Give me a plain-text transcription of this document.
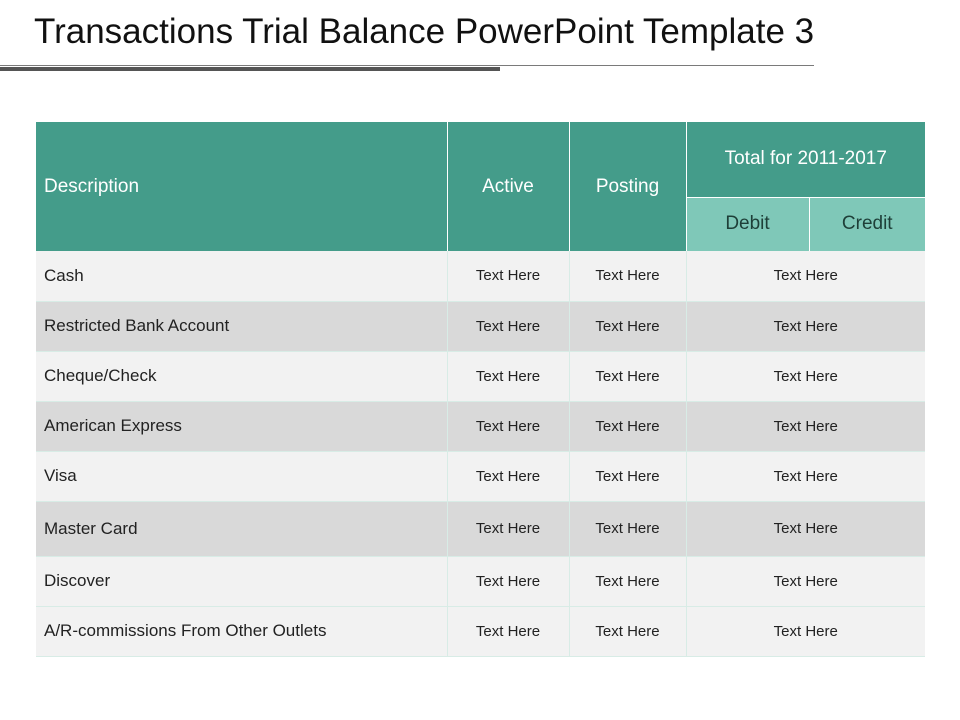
Transactions Trial Balance PowerPoint Template 3
Description	Active	Posting	Total for 2011-2017	
			Debit	Credit
Cash	Text Here	Text Here	Text Here	
Restricted Bank Account	Text Here	Text Here	Text Here	
Cheque/Check	Text Here	Text Here	Text Here	
American Express	Text Here	Text Here	Text Here	
Visa	Text Here	Text Here	Text Here	
Master Card	Text Here	Text Here	Text Here	
Discover	Text Here	Text Here	Text Here	
A/R-commissions From Other Outlets	Text Here	Text Here	Text Here	
